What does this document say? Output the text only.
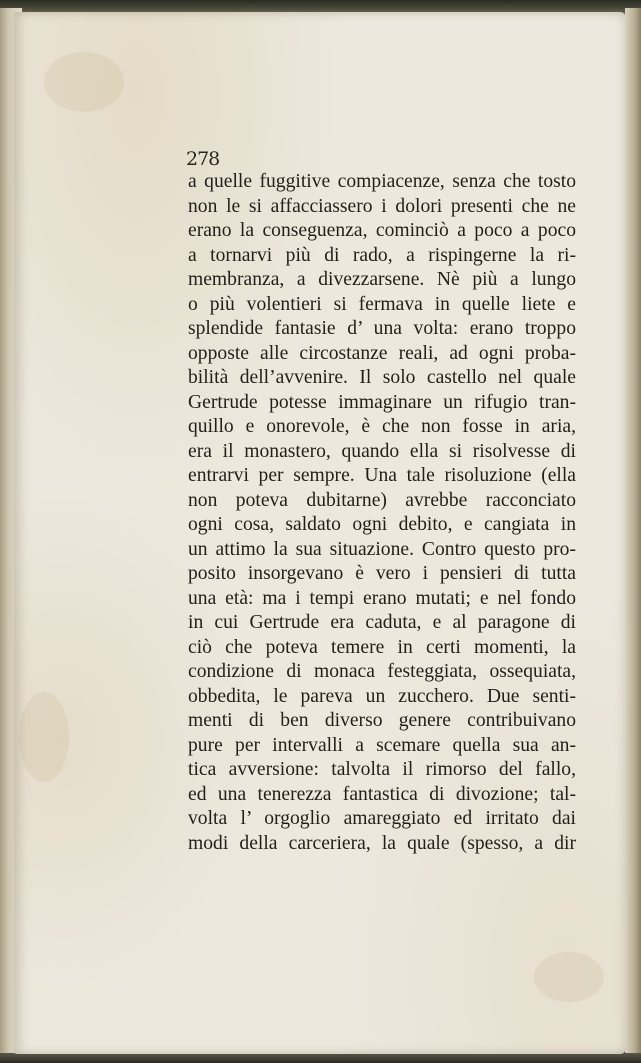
278
a quelle fuggitive compiacenze, senza che tosto
non le si affacciassero i dolori presenti che ne
erano la conseguenza, cominciò a poco a poco
a tornarvi più di rado, a rispingerne la ri-
membranza, a divezzarsene. Nè più a lungo
o più volentieri si fermava in quelle liete e
splendide fantasie d’ una volta: erano troppo
opposte alle circostanze reali, ad ogni proba-
bilità dell’avvenire. Il solo castello nel quale
Gertrude potesse immaginare un rifugio tran-
quillo e onorevole, è che non fosse in aria,
era il monastero, quando ella si risolvesse di
entrarvi per sempre. Una tale risoluzione (ella
non poteva dubitarne) avrebbe racconciato
ogni cosa, saldato ogni debito, e cangiata in
un attimo la sua situazione. Contro questo pro-
posito insorgevano è vero i pensieri di tutta
una età: ma i tempi erano mutati; e nel fondo
in cui Gertrude era caduta, e al paragone di
ciò che poteva temere in certi momenti, la
condizione di monaca festeggiata, ossequiata,
obbedita, le pareva un zucchero. Due senti-
menti di ben diverso genere contribuivano
pure per intervalli a scemare quella sua an-
tica avversione: talvolta il rimorso del fallo,
ed una tenerezza fantastica di divozione; tal-
volta l’ orgoglio amareggiato ed irritato dai
modi della carceriera, la quale (spesso, a dir
